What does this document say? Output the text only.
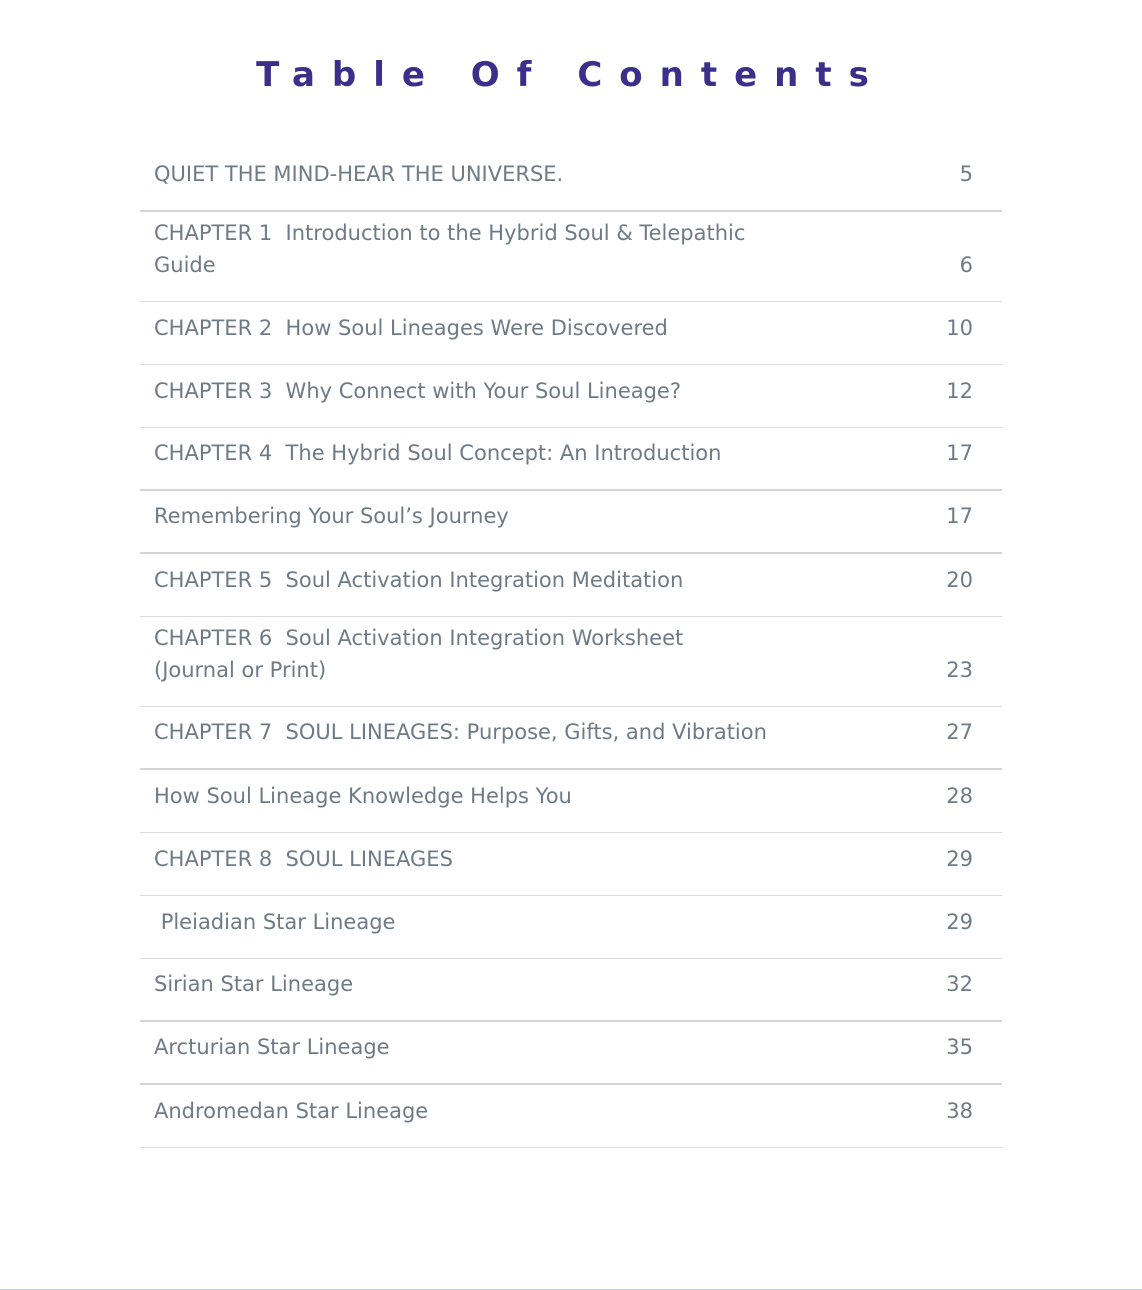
Table Of Contents
QUIET THE MIND-HEAR THE UNIVERSE.	5
CHAPTER 1  Introduction to the Hybrid Soul & Telepathic
Guide	6
CHAPTER 2  How Soul Lineages Were Discovered	10
CHAPTER 3  Why Connect with Your Soul Lineage?	12
CHAPTER 4  The Hybrid Soul Concept: An Introduction	17
Remembering Your Soul’s Journey	17
CHAPTER 5  Soul Activation Integration Meditation	20
CHAPTER 6  Soul Activation Integration Worksheet
(Journal or Print)	23
CHAPTER 7  SOUL LINEAGES: Purpose, Gifts, and Vibration	27
How Soul Lineage Knowledge Helps You	28
CHAPTER 8  SOUL LINEAGES	29
Pleiadian Star Lineage	29
Sirian Star Lineage	32
Arcturian Star Lineage	35
Andromedan Star Lineage	38
